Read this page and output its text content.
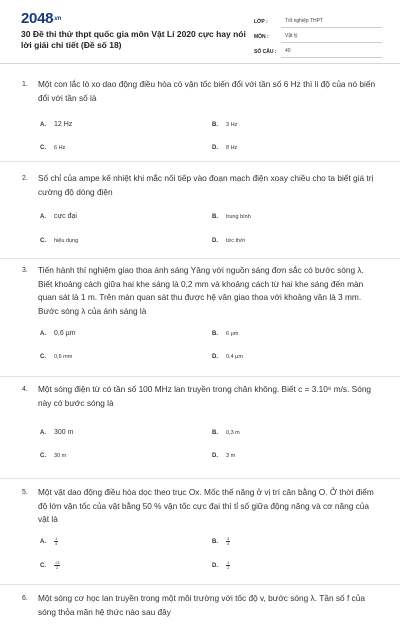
2048.vn
30 Đề thi thử thpt quốc gia môn Vật Lí 2020 cực hay nói lời giải chi tiết (Đề số 18)
LỚP :	Tốt nghiệp THPT
MÔN :	Vật lý
SỐ CÂU :	40
1. Một con lắc lò xo dao động điều hòa có vận tốc biến đổi với tần số 6 Hz thì li độ của nó biến đổi với tần số là
A. 12 Hz	B. 3 Hz
C. 6 Hz	D. 8 Hz
2. Số chỉ của ampe kế nhiệt khi mắc nối tiếp vào đoạn mạch điện xoay chiều cho ta biết giá trị cường độ dòng điện
A. cực đại	B. trung bình
C. hiệu dụng	D. tức thời
3. Tiến hành thí nghiệm giao thoa ánh sáng Yâng với nguồn sáng đơn sắc có bước sóng λ. Biết khoảng cách giữa hai khe sáng là 0,2 mm và khoảng cách từ hai khe sáng đến màn quan sát là 1 m. Trên màn quan sát thu được hệ vân giao thoa với khoảng vân là 3 mm. Bước sóng λ của ánh sáng là
A. 0,6 μm	B. 6 μm
C. 0,6 mm	D. 0,4 μm
4. Một sóng điện từ có tần số 100 MHz lan truyền trong chân không. Biết c = 3.10⁸ m/s. Sóng này có bước sóng là
A. 300 m	B. 0,3 m
C. 30 m	D. 3 m
5. Một vật dao động điều hòa dọc theo trục Ox. Mốc thế năng ở vị trí cân bằng O. Ở thời điểm độ lớn vận tốc của vật bằng 50 % vận tốc cực đại thì tỉ số giữa động năng và cơ năng của vật là
A. $\frac{1}{4}$	B. $\frac{3}{4}$
C. $\frac{√3}{2}$	D. $\frac{1}{2}$
6. Một sóng cơ học lan truyền trong một môi trường với tốc độ v, bước sóng λ. Tần số f của sóng thỏa mãn hệ thức nào sau đây
